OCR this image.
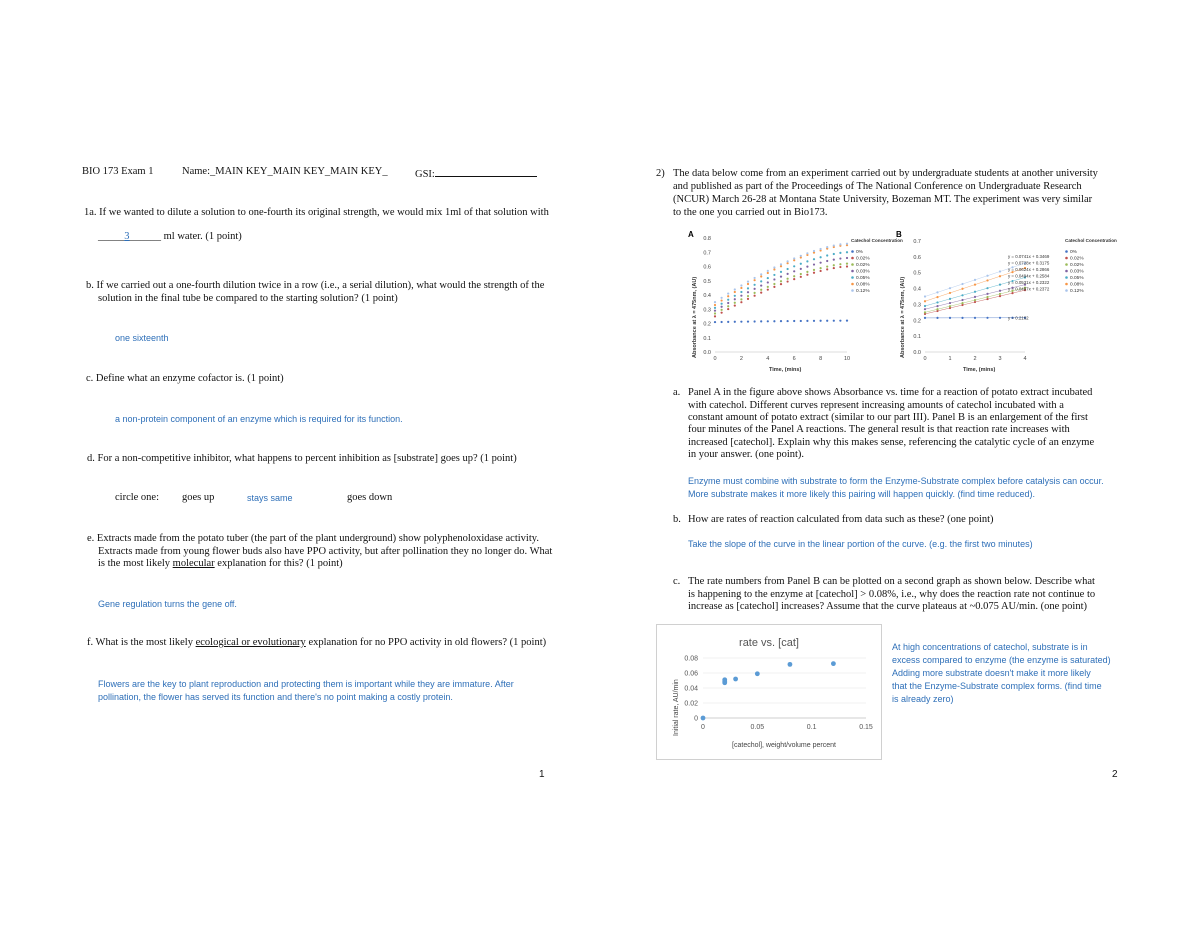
BIO 173 Exam 1	Name:_MAIN KEY_MAIN KEY_MAIN KEY_	GSI:
1a. If we wanted to dilute a solution to one-fourth its original strength, we would mix 1ml of that solution with
_____3______ ml water. (1 point)
b. If we carried out a one-fourth dilution twice in a row (i.e., a serial dilution), what would the strength of the
solution in the final tube be compared to the starting solution? (1 point)
one sixteenth
c. Define what an enzyme cofactor is. (1 point)
a non-protein component of an enzyme which is required for its function.
d. For a non-competitive inhibitor, what happens to percent inhibition as [substrate] goes up? (1 point)
circle one: goes up	stays same	goes down
e. Extracts made from the potato tuber (the part of the plant underground) show polyphenoloxidase activity.
Extracts made from young flower buds also have PPO activity, but after pollination they no longer do. What
is the most likely molecular explanation for this? (1 point)
Gene regulation turns the gene off.
f. What is the most likely ecological or evolutionary explanation for no PPO activity in old flowers? (1 point)
Flowers are the key to plant reproduction and protecting them is important while they are immature. After
pollination, the flower has served its function and there's no point making a costly protein.
1
2) The data below come from an experiment carried out by undergraduate students at another university
and published as part of the Proceedings of The National Conference on Undergraduate Research
(NCUR) March 26-28 at Montana State University, Bozeman MT. The experiment was very similar
to the one you carried out in Bio173.
A
Absorbance at λ = 475nm, (AU) 0.0
0.1
0.2
0.3
0.4
0.5
0.6
0.7
0.8
0	2	4	6	8	10
Time, (mins)
Catechol Concentration
0%
0.02%
0.02%
0.03%
0.05%
0.08%
0.12%
B
Absorbance at λ = 475nm, (AU) 0.0
0.1
0.2
0.3
0.4
0.5
0.6
0.7
0	1	2	3	4
Time, (mins)
y = 0.0741x + 0.3469
y = 0.0728x + 0.3175
y = 0.0624x + 0.2866
y = 0.0494x + 0.2584
y = 0.0531x + 0.2322
y = 0.0497x + 0.2372
y = 0.2162
Catechol Concentration
0%
0.02%
0.02%
0.03%
0.05%
0.08%
0.12%
a. Panel A in the figure above shows Absorbance vs. time for a reaction of potato extract incubated
with catechol. Different curves represent increasing amounts of catechol incubated with a
constant amount of potato extract (similar to our part III). Panel B is an enlargement of the first
four minutes of the Panel A reactions. The general result is that reaction rate increases with
increased [catechol]. Explain why this makes sense, referencing the catalytic cycle of an enzyme
in your answer. (one point).
Enzyme must combine with substrate to form the Enzyme-Substrate complex before catalysis can occur.
More substrate makes it more likely this pairing will happen quickly. (find time reduced).
b. How are rates of reaction calculated from data such as these? (one point)
Take the slope of the curve in the linear portion of the curve. (e.g. the first two minutes)
c. The rate numbers from Panel B can be plotted on a second graph as shown below. Describe what
is happening to the enzyme at [catechol] > 0.08%, i.e., why does the reaction rate not continue to
increase as [catechol] increases? Assume that the curve plateaus at ~0.075 AU/min. (one point)
rate vs. [cat]
Initial rate, AU/min 0
0.02
0.04
0.06
0.08
0	0.05	0.1	0.15
[catechol], weight/volume percent
At high concentrations of catechol, substrate is in
excess compared to enzyme (the enzyme is saturated)
Adding more substrate doesn't make it more likely
that the Enzyme-Substrate complex forms. (find time
is already zero)
2
